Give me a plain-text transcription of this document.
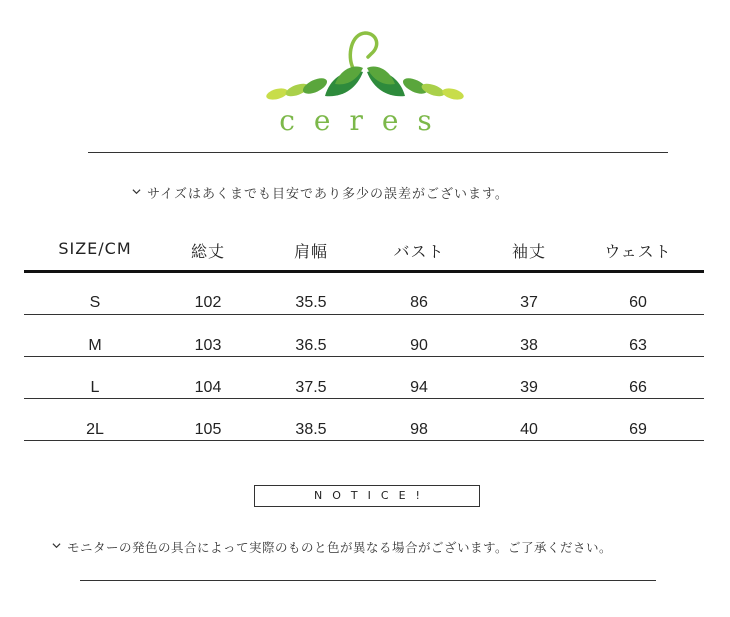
ceres
サイズはあくまでも目安であり多少の誤差がございます。
SIZE/CM	総丈	肩幅	バスト	袖丈	ウェスト
S	102	35.5	86	37	60
M	103	36.5	90	38	63
L	104	37.5	94	39	66
2L	105	38.5	98	40	69
NOTICE!
モニターの発色の具合によって実際のものと色が異なる場合がございます。ご了承ください。
